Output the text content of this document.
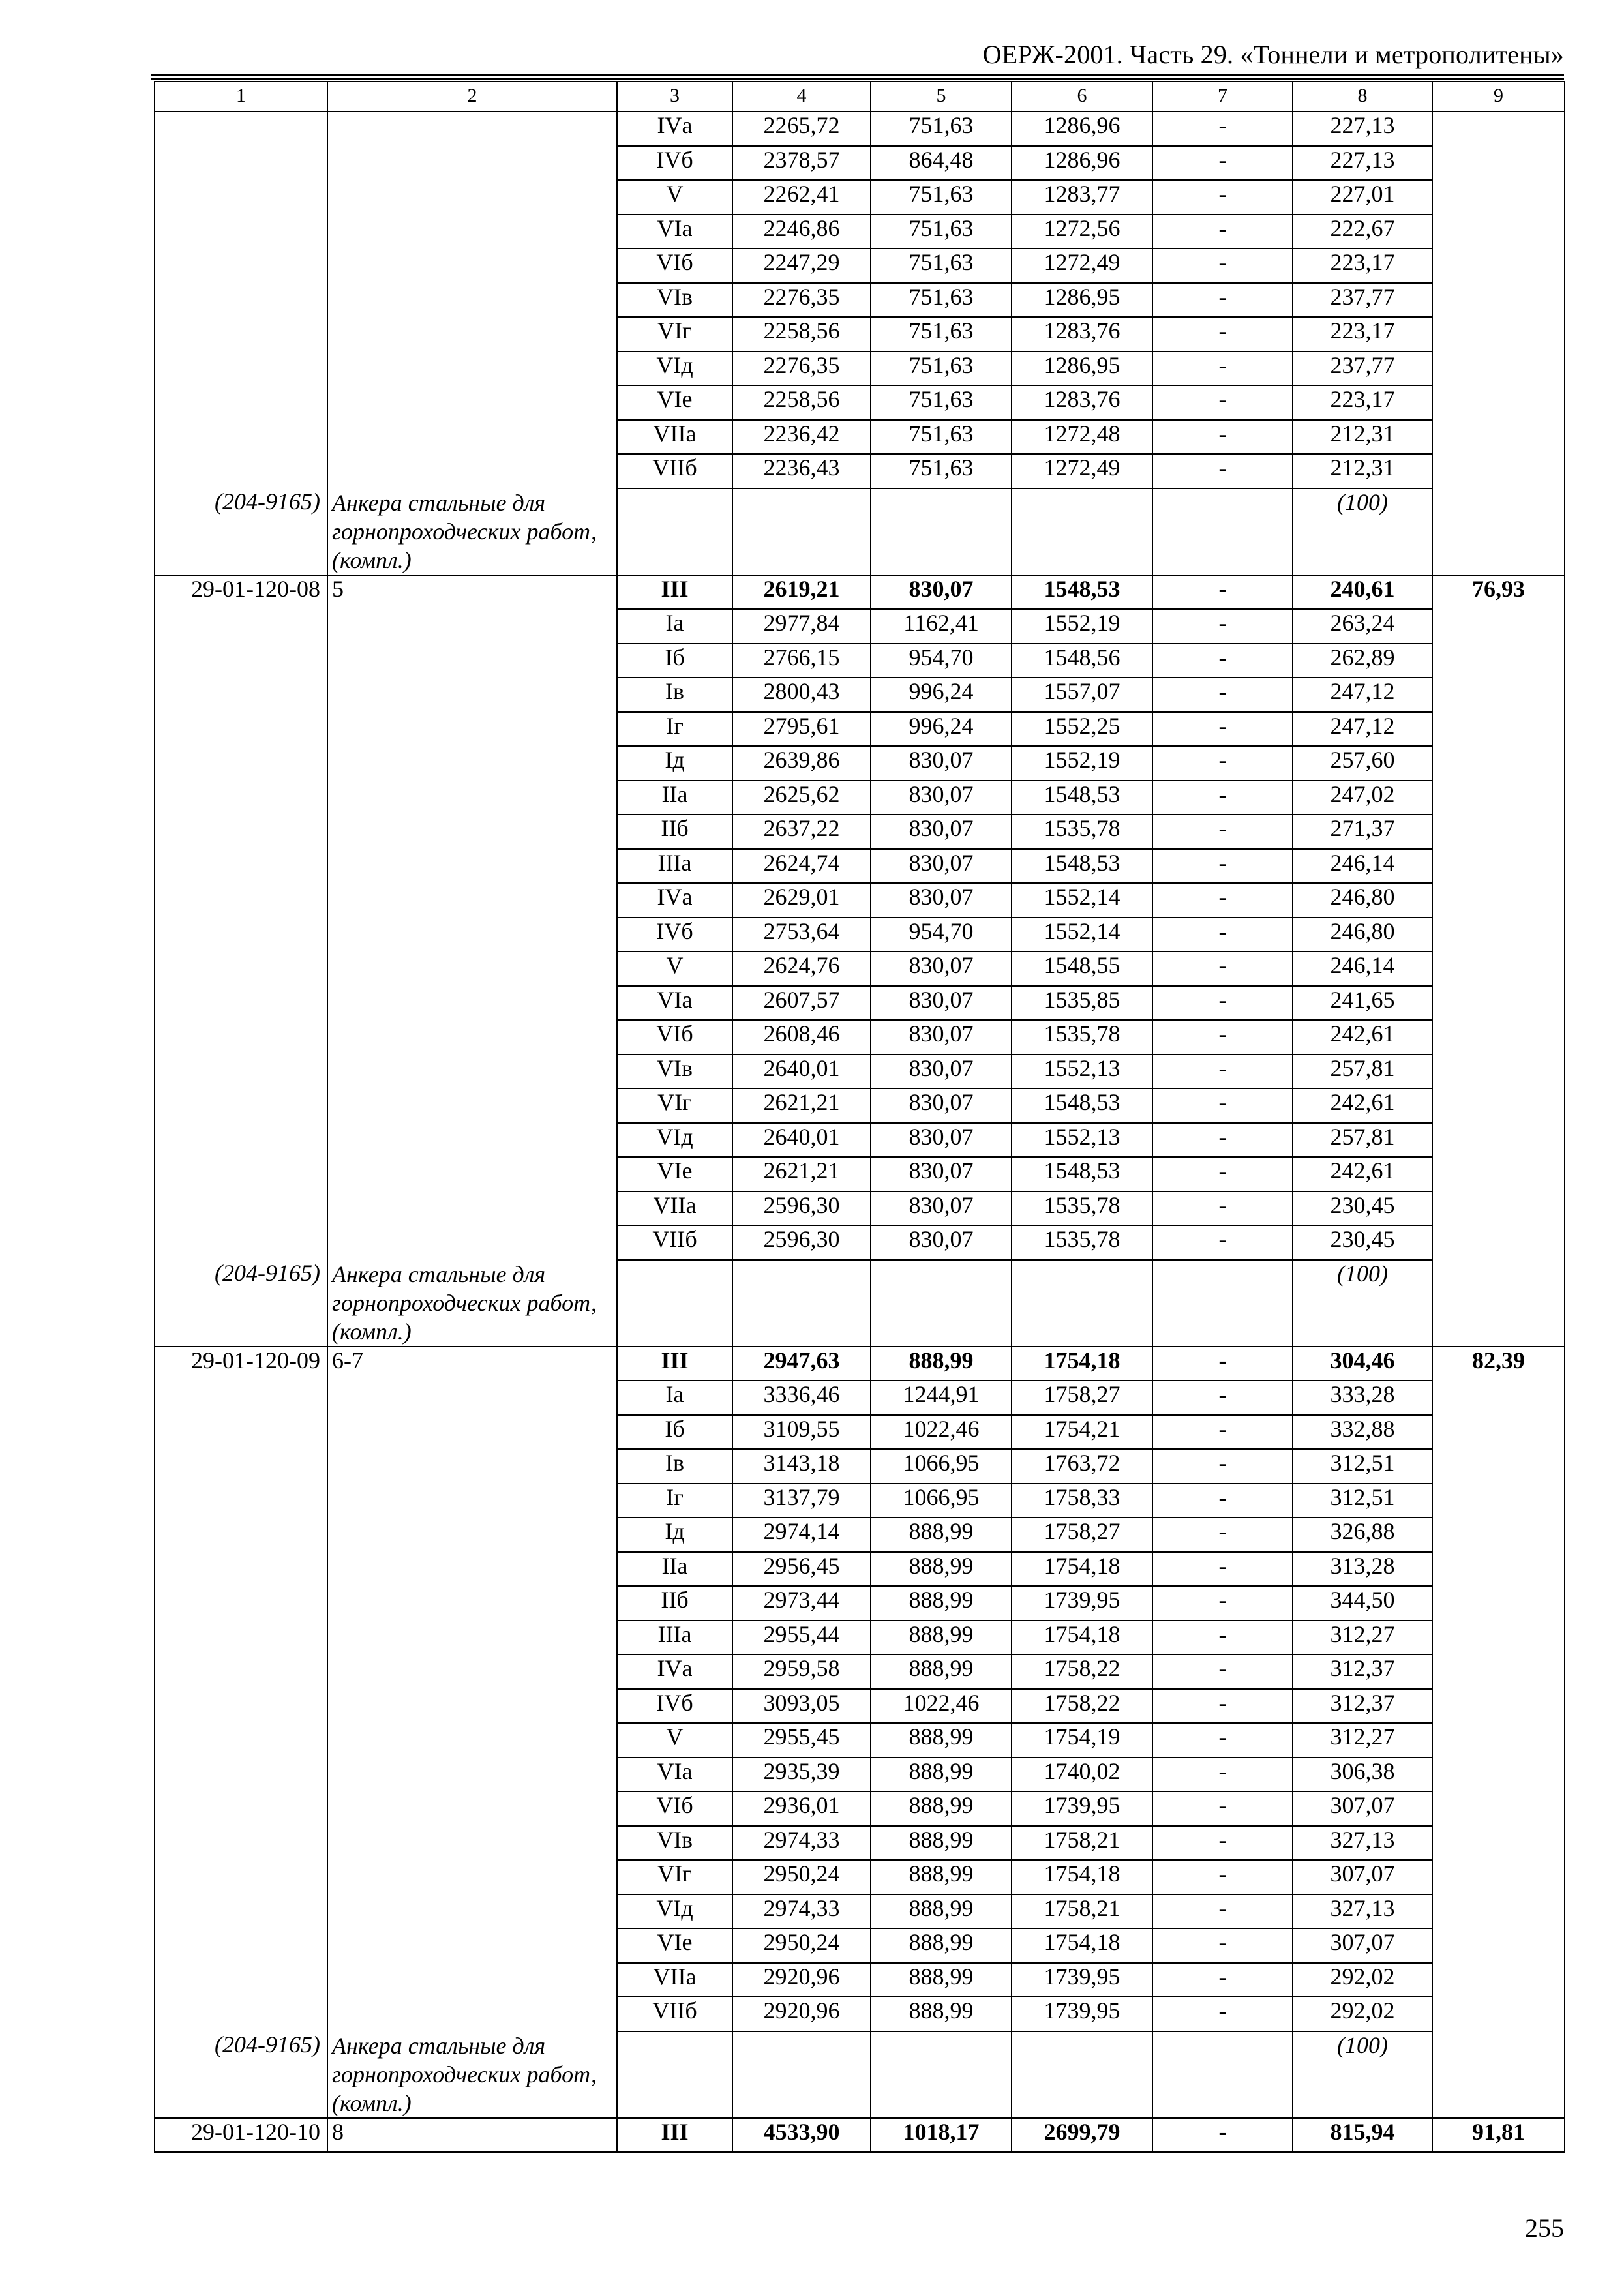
ОЕРЖ-2001. Часть 29. «Тоннели и метрополитены»
1	2	3	4	5	6	7	8	9
		IVа	2265,72	751,63	1286,96	-	227,13	
		IVб	2378,57	864,48	1286,96	-	227,13	
		V	2262,41	751,63	1283,77	-	227,01	
		VIа	2246,86	751,63	1272,56	-	222,67	
		VIб	2247,29	751,63	1272,49	-	223,17	
		VIв	2276,35	751,63	1286,95	-	237,77	
		VIг	2258,56	751,63	1283,76	-	223,17	
		VIд	2276,35	751,63	1286,95	-	237,77	
		VIе	2258,56	751,63	1283,76	-	223,17	
		VIIа	2236,42	751,63	1272,48	-	212,31	
		VIIб	2236,43	751,63	1272,49	-	212,31	
(204-9165)	Анкера стальные для горнопроходческих работ, (компл.)						(100)	
29-01-120-08	5	III	2619,21	830,07	1548,53	-	240,61	76,93
		Iа	2977,84	1162,41	1552,19	-	263,24	
		Iб	2766,15	954,70	1548,56	-	262,89	
		Iв	2800,43	996,24	1557,07	-	247,12	
		Iг	2795,61	996,24	1552,25	-	247,12	
		Iд	2639,86	830,07	1552,19	-	257,60	
		IIа	2625,62	830,07	1548,53	-	247,02	
		IIб	2637,22	830,07	1535,78	-	271,37	
		IIIа	2624,74	830,07	1548,53	-	246,14	
		IVа	2629,01	830,07	1552,14	-	246,80	
		IVб	2753,64	954,70	1552,14	-	246,80	
		V	2624,76	830,07	1548,55	-	246,14	
		VIа	2607,57	830,07	1535,85	-	241,65	
		VIб	2608,46	830,07	1535,78	-	242,61	
		VIв	2640,01	830,07	1552,13	-	257,81	
		VIг	2621,21	830,07	1548,53	-	242,61	
		VIд	2640,01	830,07	1552,13	-	257,81	
		VIе	2621,21	830,07	1548,53	-	242,61	
		VIIа	2596,30	830,07	1535,78	-	230,45	
		VIIб	2596,30	830,07	1535,78	-	230,45	
(204-9165)	Анкера стальные для горнопроходческих работ, (компл.)						(100)	
29-01-120-09	6-7	III	2947,63	888,99	1754,18	-	304,46	82,39
		Iа	3336,46	1244,91	1758,27	-	333,28	
		Iб	3109,55	1022,46	1754,21	-	332,88	
		Iв	3143,18	1066,95	1763,72	-	312,51	
		Iг	3137,79	1066,95	1758,33	-	312,51	
		Iд	2974,14	888,99	1758,27	-	326,88	
		IIа	2956,45	888,99	1754,18	-	313,28	
		IIб	2973,44	888,99	1739,95	-	344,50	
		IIIа	2955,44	888,99	1754,18	-	312,27	
		IVа	2959,58	888,99	1758,22	-	312,37	
		IVб	3093,05	1022,46	1758,22	-	312,37	
		V	2955,45	888,99	1754,19	-	312,27	
		VIа	2935,39	888,99	1740,02	-	306,38	
		VIб	2936,01	888,99	1739,95	-	307,07	
		VIв	2974,33	888,99	1758,21	-	327,13	
		VIг	2950,24	888,99	1754,18	-	307,07	
		VIд	2974,33	888,99	1758,21	-	327,13	
		VIе	2950,24	888,99	1754,18	-	307,07	
		VIIа	2920,96	888,99	1739,95	-	292,02	
		VIIб	2920,96	888,99	1739,95	-	292,02	
(204-9165)	Анкера стальные для горнопроходческих работ, (компл.)						(100)	
29-01-120-10	8	III	4533,90	1018,17	2699,79	-	815,94	91,81
255
